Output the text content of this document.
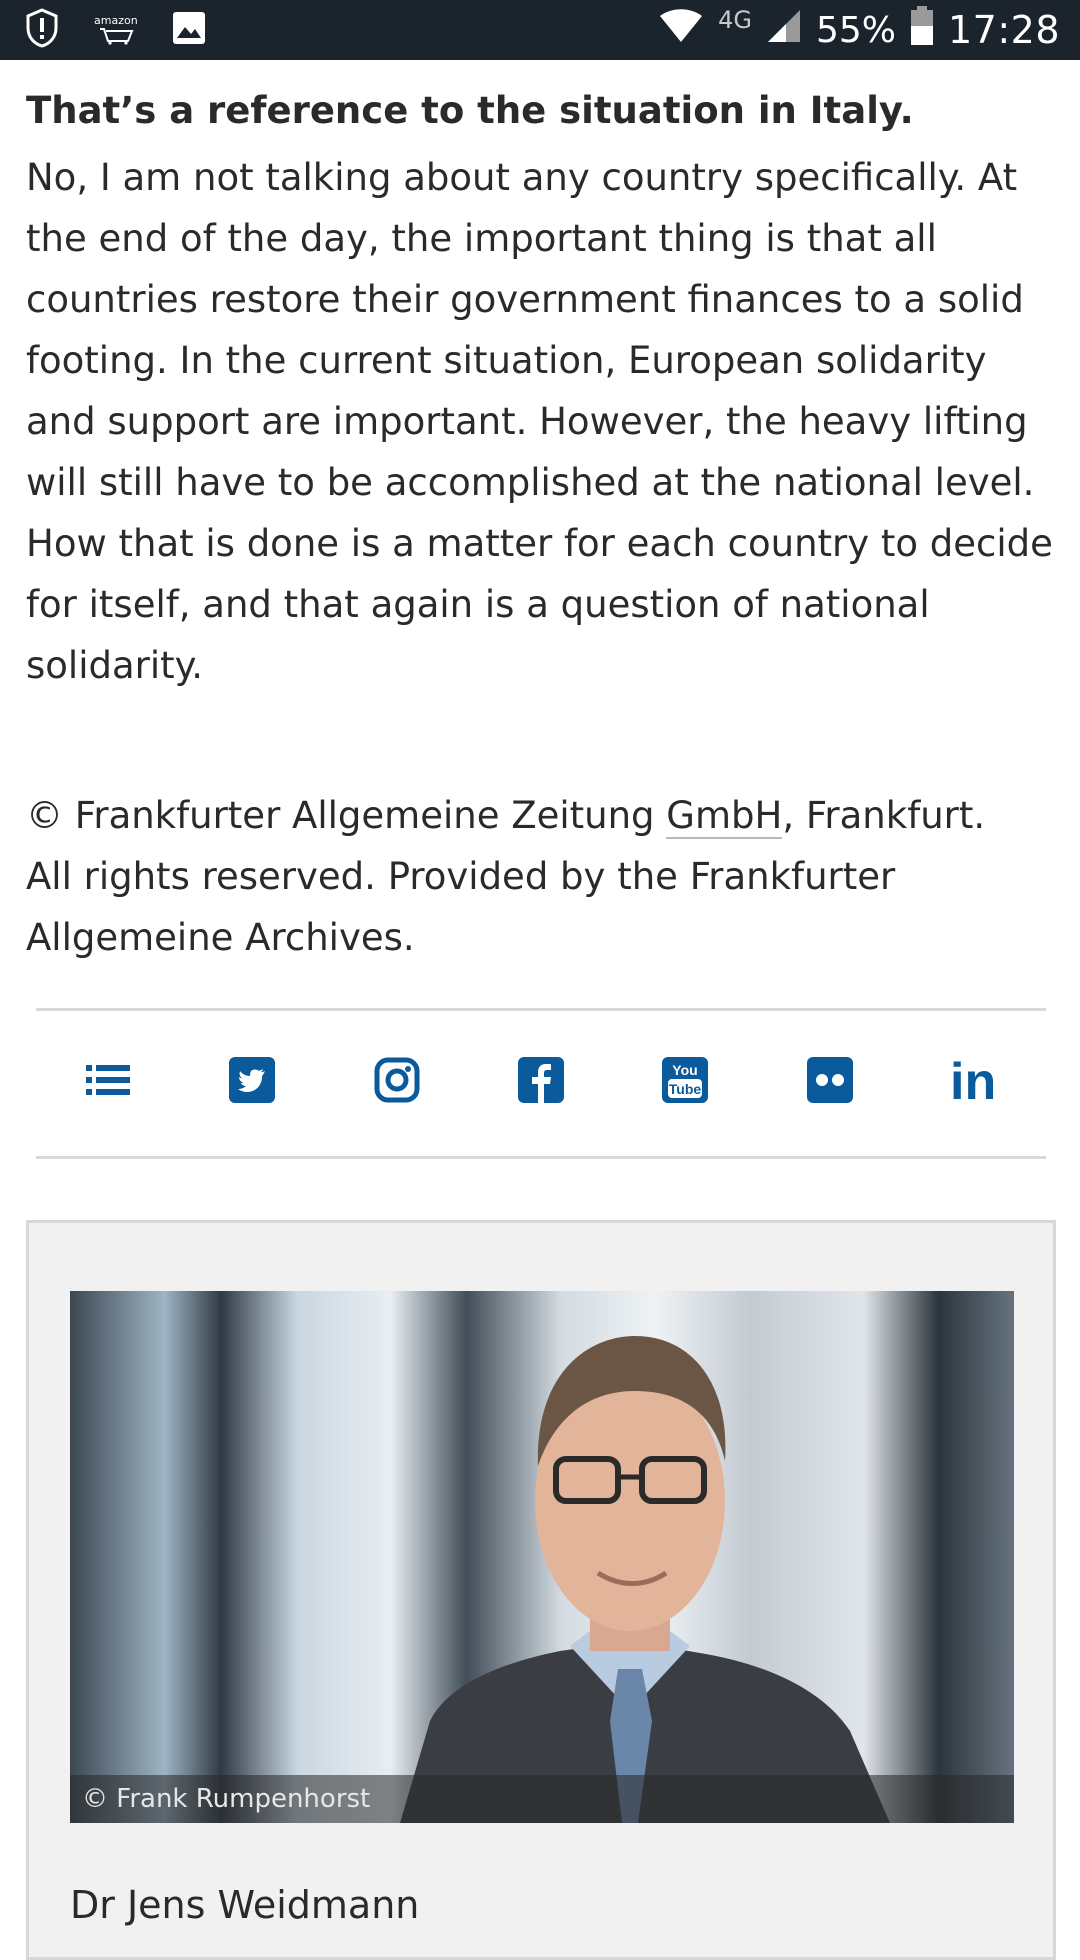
amazon	4G 55% 17:28

That’s a reference to the situation in Italy.

No, I am not talking about any country specifically. At the end of the day, the important thing is that all countries restore their government finances to a solid footing. In the current situation, European solidarity and support are important. However, the heavy lifting will still have to be accomplished at the national level. How that is done is a matter for each country to decide for itself, and that again is a question of national solidarity.

© Frankfurter Allgemeine Zeitung GmbH, Frankfurt. All rights reserved. Provided by the Frankfurter Allgemeine Archives.
You
Tube	in
© Frank Rumpenhorst
Dr Jens Weidmann
